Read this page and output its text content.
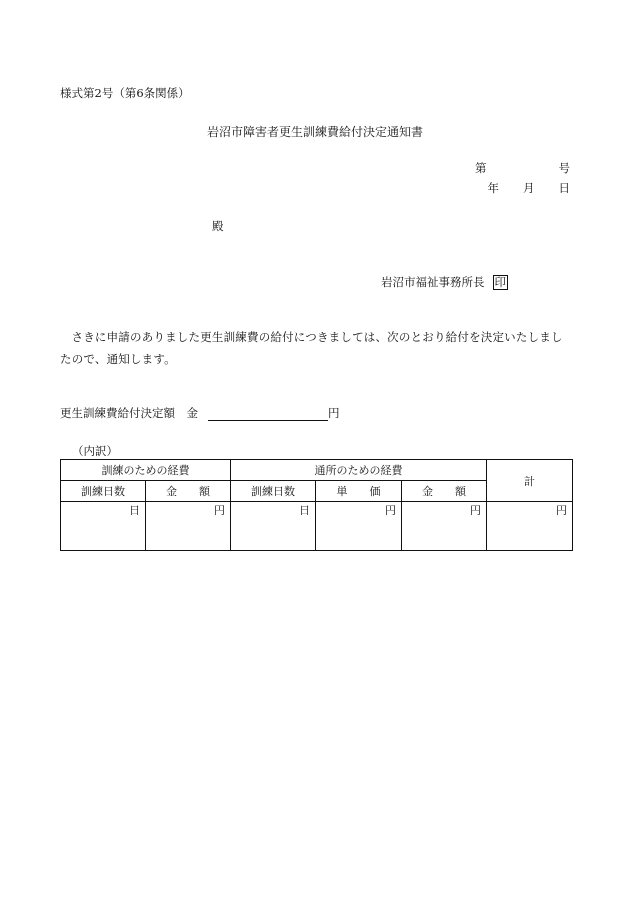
様式第2号（第6条関係）
岩沼市障害者更生訓練費給付決定通知書
第	号
年 月 日
殿
岩沼市福祉事務所長 印
さきに申請のありました更生訓練費の給付につきましては、次のとおり給付を決定いたしましたので、通知します。
更生訓練費給付決定額　金	円
（内訳）
訓練のための経費		通所のための経費			計
訓練日数	金　　額	訓練日数	単　　価	金　　額	
日	円	日	円	円	円
